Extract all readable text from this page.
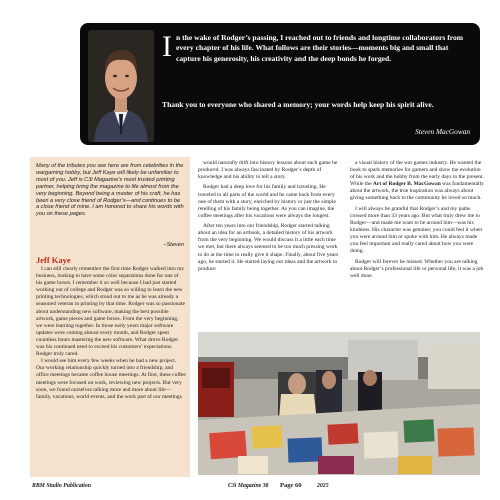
In the wake of Rodger’s passing, I reached out to friends and longtime collaborators from every chapter of his life. What follows are their stories—moments big and small that capture his generosity, his creativity and the deep bonds he forged.
Thank you to everyone who shared a memory; your words help keep his spirit alive.
Steven MacGowan
Many of the tributes you see here are from celebrities in the wargaming hobby, but Jeff Kaye will likely be unfamiliar to most of you. Jeff is C3i Magazine’s most trusted printing partner, helping bring the magazine to life almost from the very beginning. Beyond being a master of his craft, he has been a very close friend of Rodger’s—and continues to be a close friend of mine. I am honored to share his words with you on these pages.
–Steven
Jeff Kaye

I can still clearly remember the first time Rodger walked into my business, looking to have some color separations done for one of his game boxes. I remember it so well because I had just started working out of college and Rodger was so willing to learn the new printing technologies, which stood out to me as he was already a seasoned veteran in printing by that time. Rodger was so passionate about understanding new software, making the best possible artwork, game pieces and game boxes. From the very beginning, we were learning together. In those early years major software updates were coming almost every month, and Rodger spent countless hours mastering the new software. What drove Rodger was his continued need to exceed his customers’ expectations. Rodger truly cared.

I would see him every few weeks when he had a new project. Our working relationship quickly turned into a friendship, and office meetings became coffee house meetings. At first, these coffee meetings were focused on work, reviewing new projects. But very soon, we found ourselves talking more and more about life—family, vacations, world events, and the work part of our meetings

would naturally drift into history lessons about each game he produced. I was always fascinated by Rodger’s depth of knowledge and his ability to tell a story.

Rodger had a deep love for his family and traveling. He traveled to all parts of the world and he came back from every one of them with a story, enriched by history or just the simple retelling of his family being together. As you can imagine, the coffee meetings after his vacations were always the longest.

After ten years into our friendship, Rodger started talking about an idea for an artbook, a detailed history of his artwork from the very beginning. We would discuss it a little each time we met, but there always seemed to be too much pressing work to do at the time to really give it shape. Finally, about five years ago, he started it. He started laying out ideas and the artwork to produce

a visual history of the war games industry. He wanted the book to spark memories for gamers and show the evolution of his work and the hobby from the early days to the present. While the Art of Rodger B. MacGowan was fundamentally about the artwork, the true inspiration was always about giving something back to the community he loved so much.

I will always be grateful that Rodger’s and my paths crossed more than 33 years ago. But what truly drew me to Rodger—and made me want to be around him—was his kindness. His character was genuine; you could feel it when you were around him or spoke with him. He always made you feel important and really cared about how you were doing.

Rodger will forever be missed. Whether you are talking about Rodger’s professional life or personal life, it was a job well done.

RBM Studio Publication	C3i Magazine 38 Page 60	2025
